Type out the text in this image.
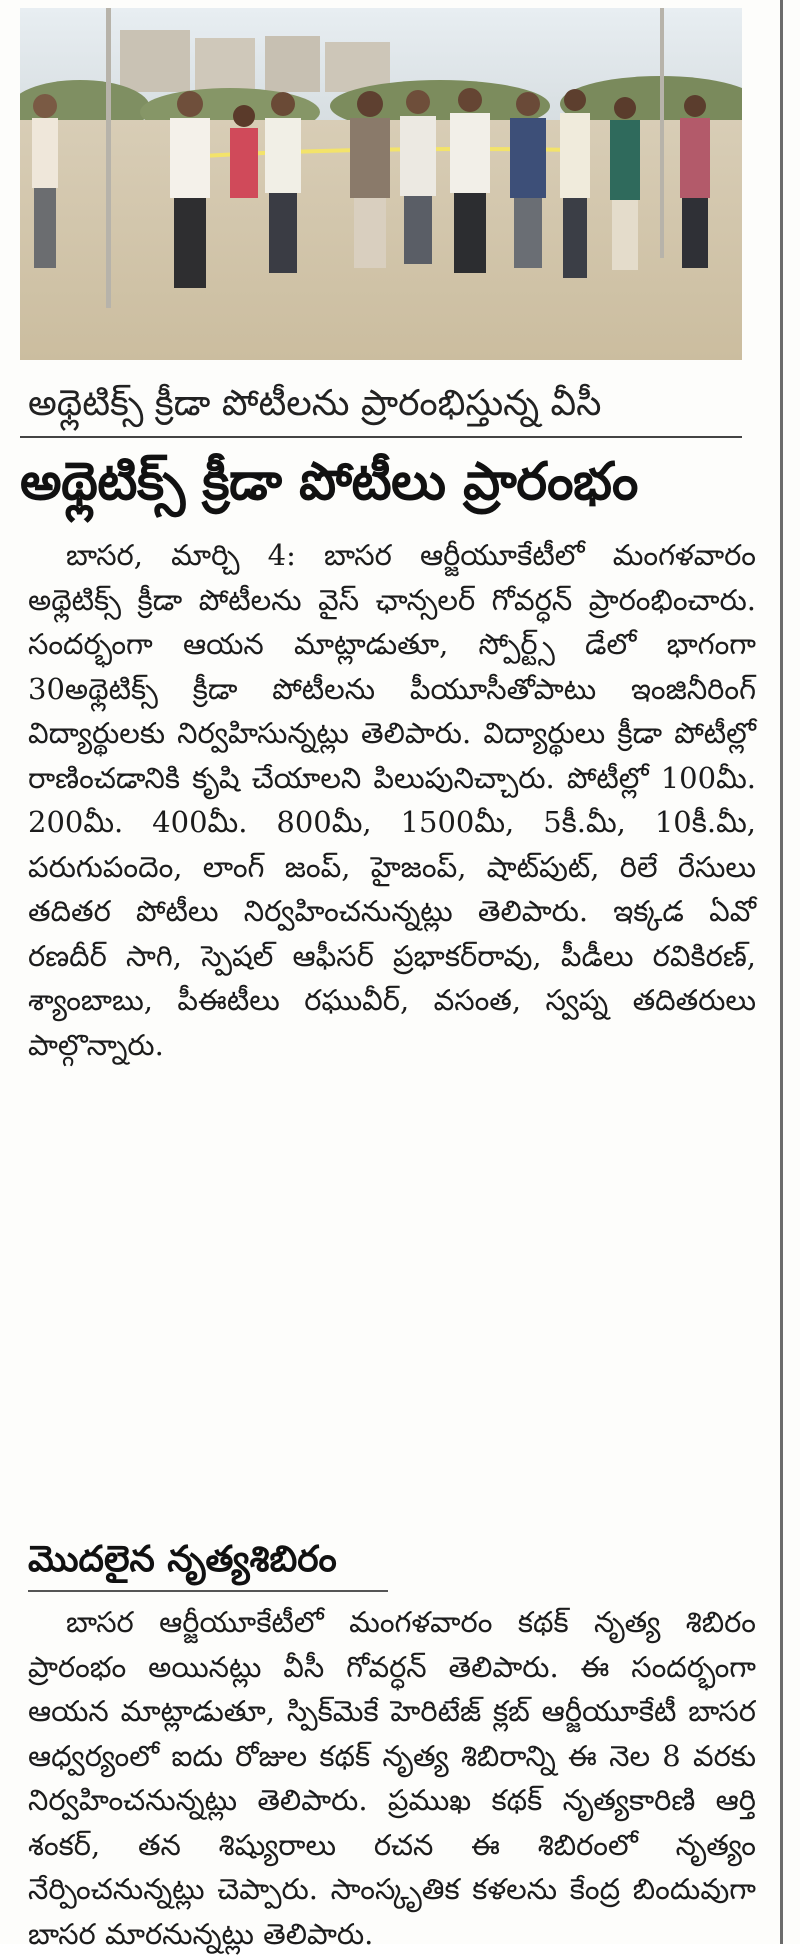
అథ్లెటిక్స్ క్రీడా పోటీలను ప్రారంభిస్తున్న వీసీ
అథ్లెటిక్స్ క్రీడా పోటీలు ప్రారంభం

బాసర, మార్చి 4: బాసర ఆర్జీయూకేటీలో మంగళవారం అథ్లెటిక్స్ క్రీడా పోటీలను వైస్ ఛాన్సలర్ గోవర్ధన్ ప్రారంభించారు. సందర్భంగా ఆయన మాట్లాడుతూ, స్పోర్ట్స్ డేలో భాగంగా 30అథ్లెటిక్స్ క్రీడా పోటీలను పీయూసీతోపాటు ఇంజినీరింగ్ విద్యార్థులకు నిర్వహిసున్నట్లు తెలిపారు. విద్యార్థులు క్రీడా పోటీల్లో రాణించడానికి కృషి చేయాలని పిలుపునిచ్చారు. పోటీల్లో 100మీ. 200మీ. 400మీ. 800మీ, 1500మీ, 5కీ.మీ, 10కీ.మీ, పరుగుపందెం, లాంగ్ జంప్, హైజంప్, షాట్‌పుట్, రిలే రేసులు తదితర పోటీలు నిర్వహించనున్నట్లు తెలిపారు. ఇక్కడ ఏవో రణదీర్ సాగి, స్పెషల్ ఆఫీసర్ ప్రభాకర్‌రావు, పీడీలు రవికిరణ్, శ్యాంబాబు, పీఈటీలు రఘువీర్, వసంత, స్వప్న తదితరులు పాల్గొన్నారు.

మొదలైన నృత్యశిబిరం

బాసర ఆర్జీయూకేటీలో మంగళవారం కథక్ నృత్య శిబిరం ప్రారంభం అయినట్లు వీసీ గోవర్ధన్ తెలిపారు. ఈ సందర్భంగా ఆయన మాట్లాడుతూ, స్పిక్‌మెకే హెరిటేజ్ క్లబ్ ఆర్జీయూకేటీ బాసర ఆధ్వర్యంలో ఐదు రోజుల కథక్ నృత్య శిబిరాన్ని ఈ నెల 8 వరకు నిర్వహించనున్నట్లు తెలిపారు. ప్రముఖ కథక్ నృత్యకారిణి ఆర్తి శంకర్, తన శిష్యురాలు రచన ఈ శిబిరంలో నృత్యం నేర్పించనున్నట్లు చెప్పారు. సాంస్కృతిక కళలను కేంద్ర బిందువుగా బాసర మారనున్నట్లు తెలిపారు.
